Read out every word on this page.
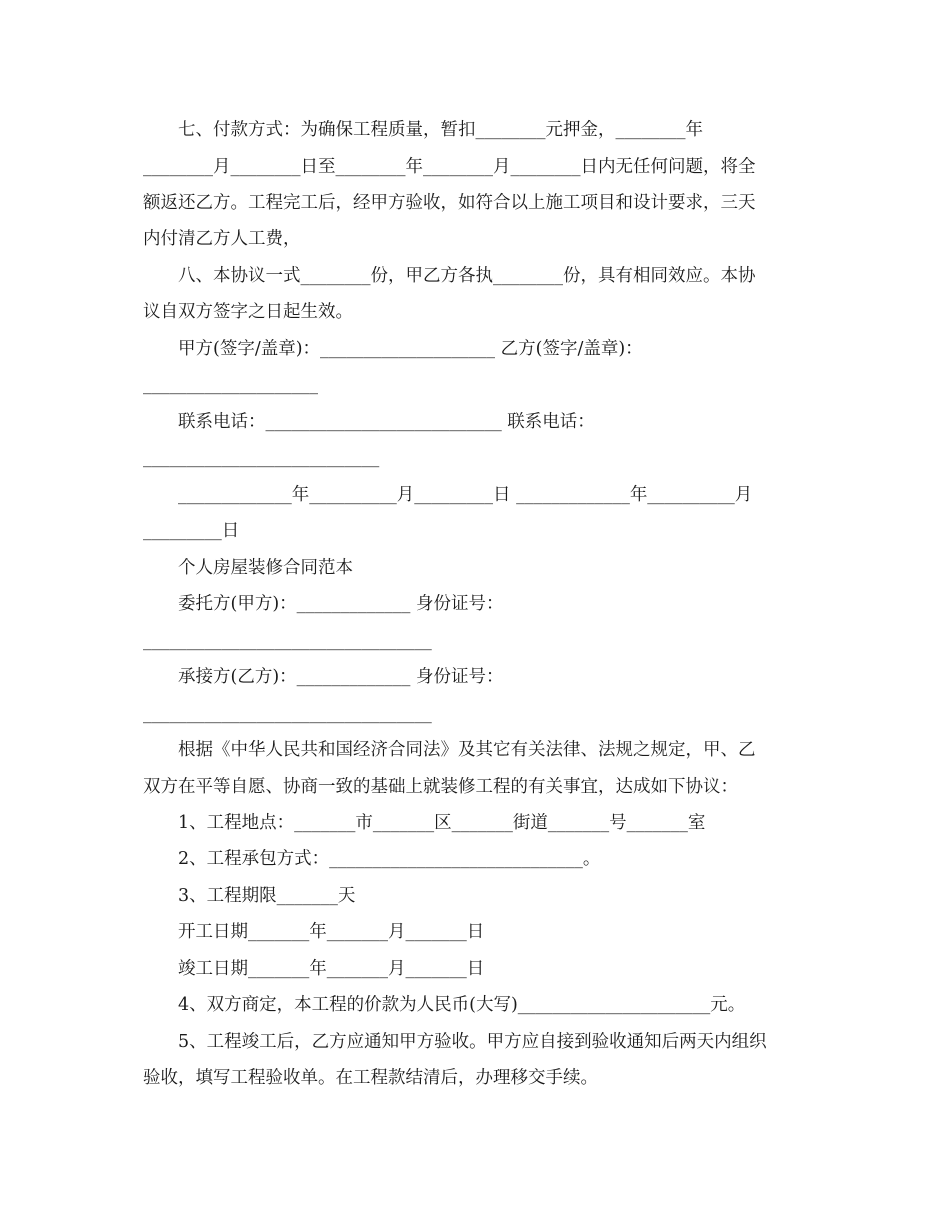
七、付款方式：为确保工程质量，暂扣________元押金，________年
________月________日至________年________月________日内无任何问题，将全
额返还乙方。工程完工后，经甲方验收，如符合以上施工项目和设计要求，三天
内付清乙方人工费，
八、本协议一式________份，甲乙方各执________份，具有相同效应。本协
议自双方签字之日起生效。
甲方(签字/盖章)：____________________ 乙方(签字/盖章)：
____________________
联系电话：___________________________ 联系电话：
___________________________
_____________年__________月_________日 _____________年__________月
_________日
个人房屋装修合同范本
委托方(甲方)：_____________ 身份证号：
_________________________________
承接方(乙方)：_____________ 身份证号：
_________________________________
根据《中华人民共和国经济合同法》及其它有关法律、法规之规定，甲、乙
双方在平等自愿、协商一致的基础上就装修工程的有关事宜，达成如下协议：
1、工程地点：_______市_______区_______街道_______号_______室
2、工程承包方式：_____________________________。
3、工程期限_______天
开工日期_______年_______月_______日
竣工日期_______年_______月_______日
4、双方商定，本工程的价款为人民币(大写)______________________元。
5、工程竣工后，乙方应通知甲方验收。甲方应自接到验收通知后两天内组织
验收，填写工程验收单。在工程款结清后，办理移交手续。
